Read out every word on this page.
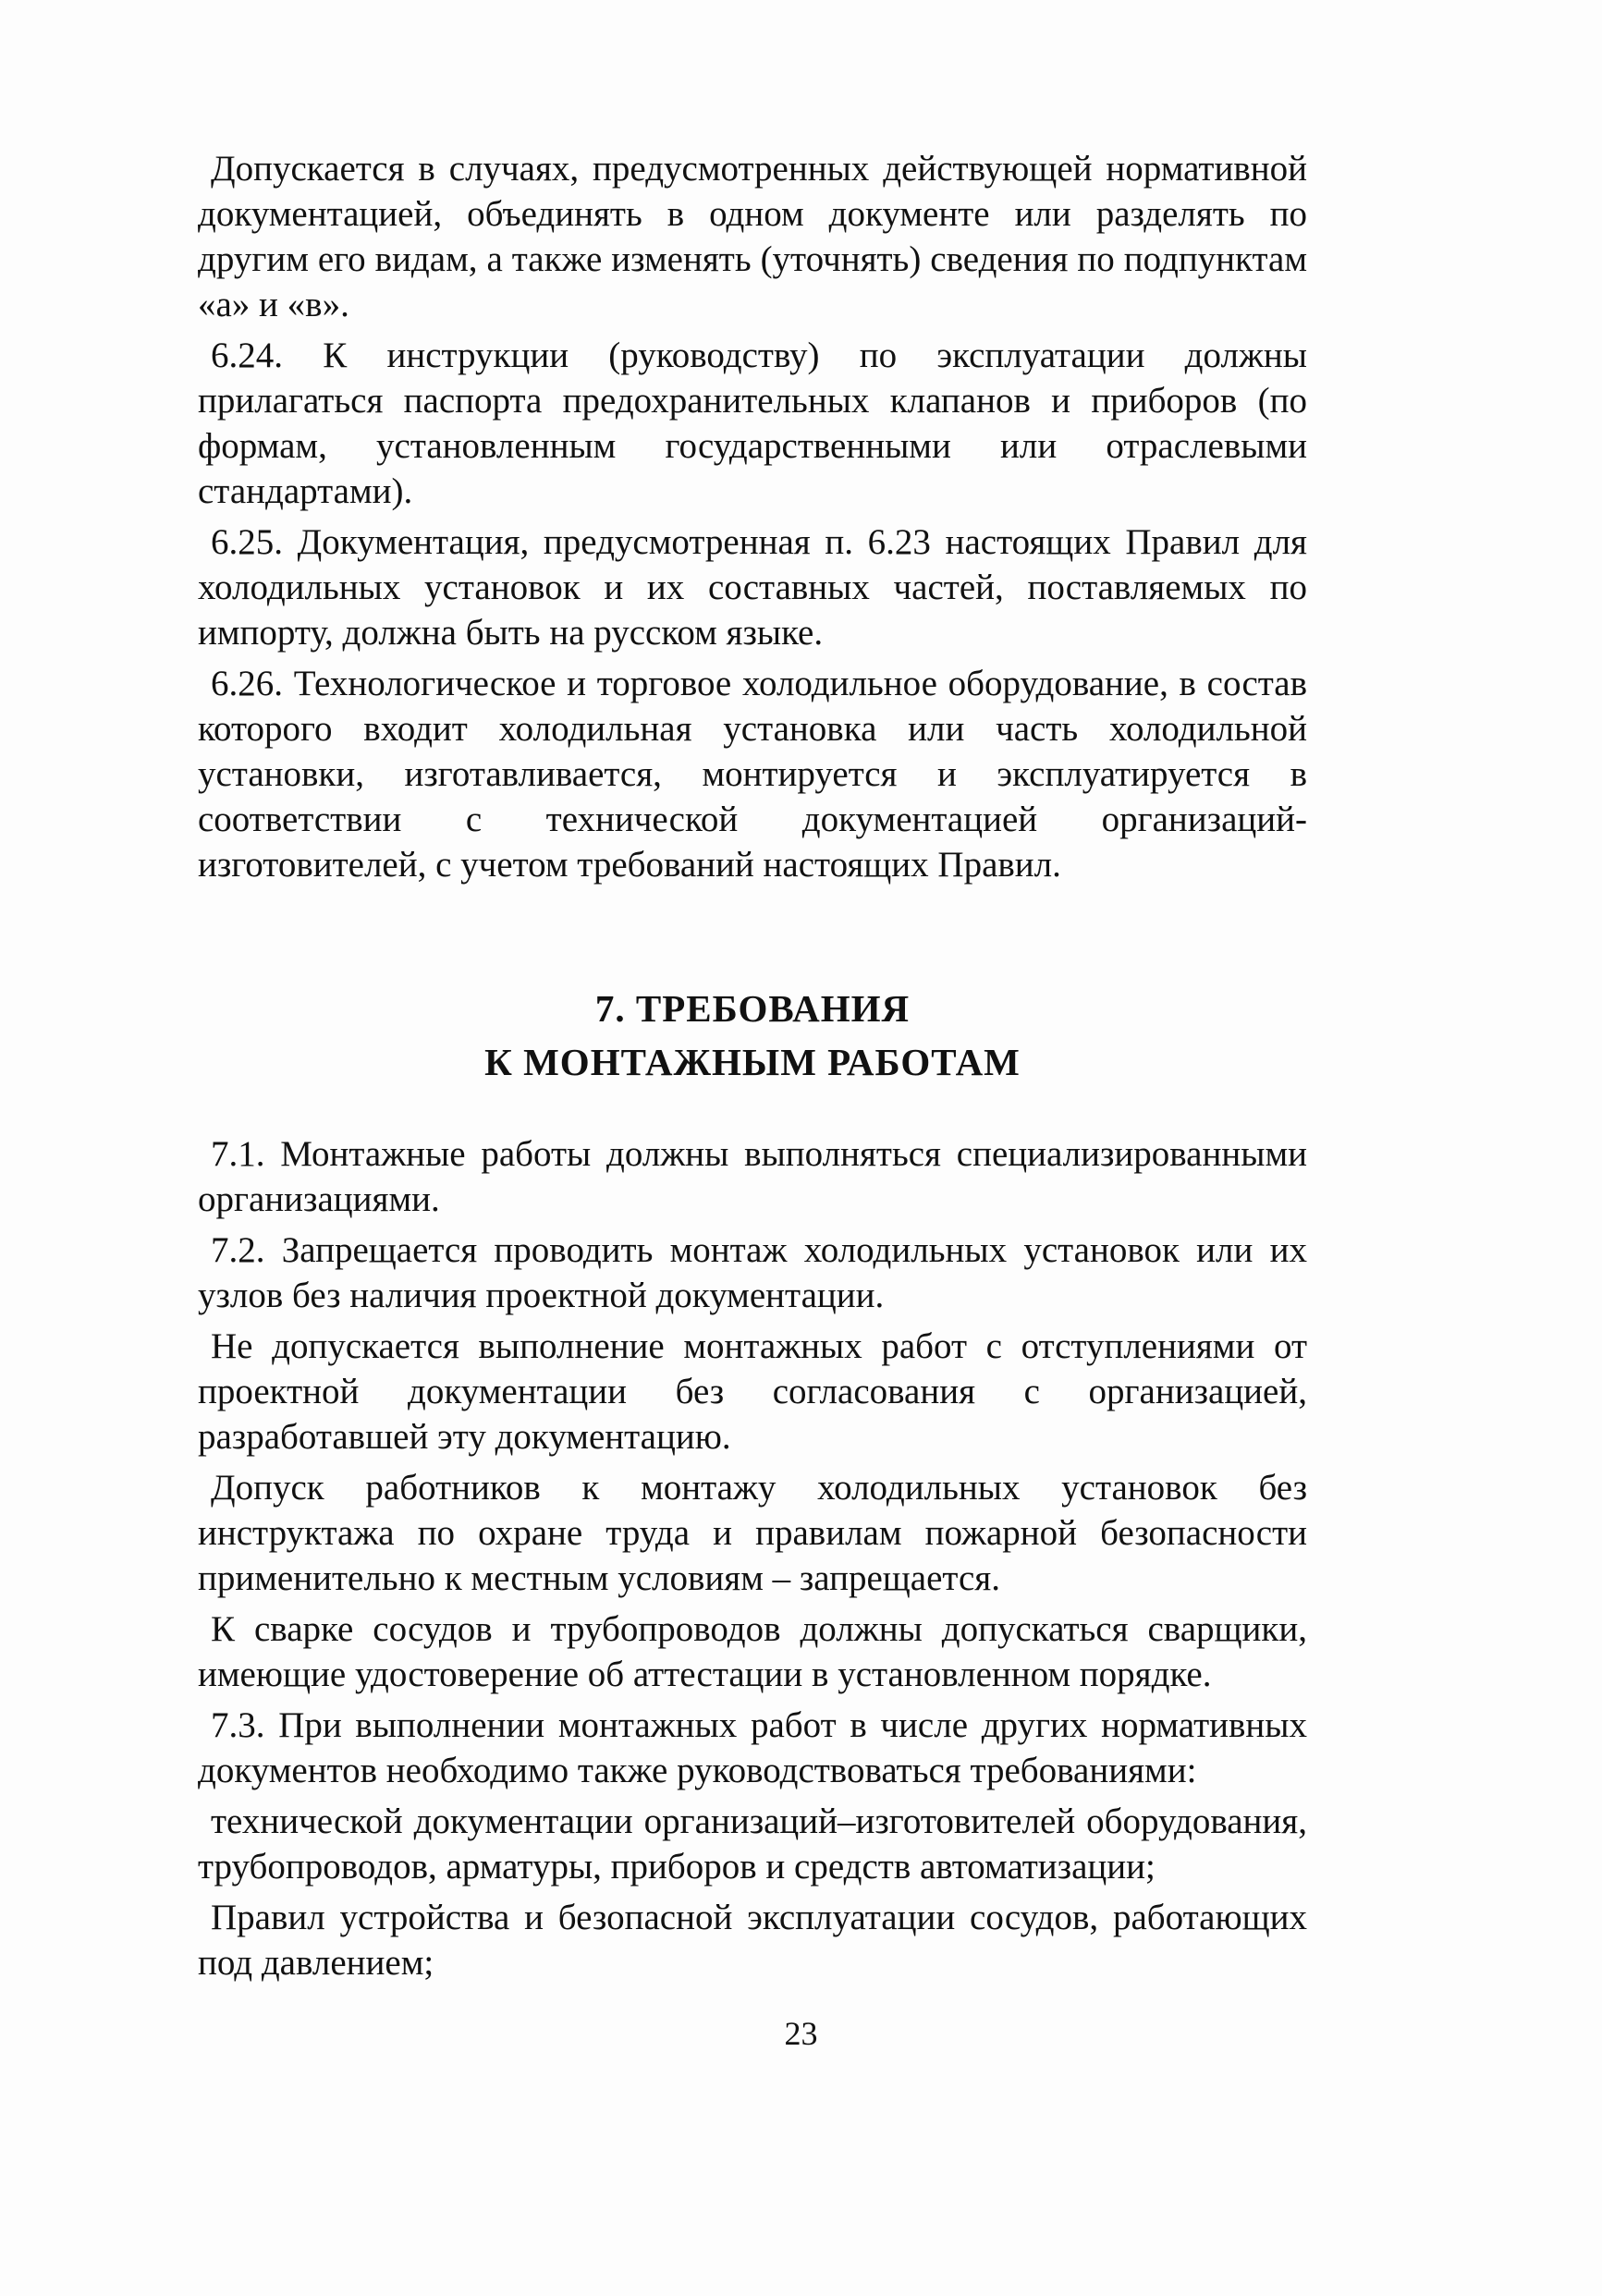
Допускается в случаях, предусмотренных действующей нормативной документацией, объединять в одном документе или разделять по другим его видам, а также изменять (уточнять) сведения по подпунктам «а» и «в».

6.24. К инструкции (руководству) по эксплуатации должны прилагаться паспорта предохранительных клапанов и приборов (по формам, установленным государственными или отраслевыми стандартами).

6.25. Документация, предусмотренная п. 6.23 настоящих Правил для холодильных установок и их составных частей, поставляемых по импорту, должна быть на русском языке.

6.26. Технологическое и торговое холодильное оборудование, в состав которого входит холодильная установка или часть холодильной установки, изготавливается, монтируется и эксплуатируется в соответствии с технической документацией организаций-изготовителей, с учетом требований настоящих Правил.

7. ТРЕБОВАНИЯ
К МОНТАЖНЫМ РАБОТАМ

7.1. Монтажные работы должны выполняться специализированными организациями.

7.2. Запрещается проводить монтаж холодильных установок или их узлов без наличия проектной документации.

Не допускается выполнение монтажных работ с отступлениями от проектной документации без согласования с организацией, разработавшей эту документацию.

Допуск работников к монтажу холодильных установок без инструктажа по охране труда и правилам пожарной безопасности применительно к местным условиям – запрещается.

К сварке сосудов и трубопроводов должны допускаться сварщики, имеющие удостоверение об аттестации в установленном порядке.

7.3. При выполнении монтажных работ в числе других нормативных документов необходимо также руководствоваться требованиями:

технической документации организаций–изготовителей оборудования, трубопроводов, арматуры, приборов и средств автоматизации;

Правил устройства и безопасной эксплуатации сосудов, работающих под давлением;

23
